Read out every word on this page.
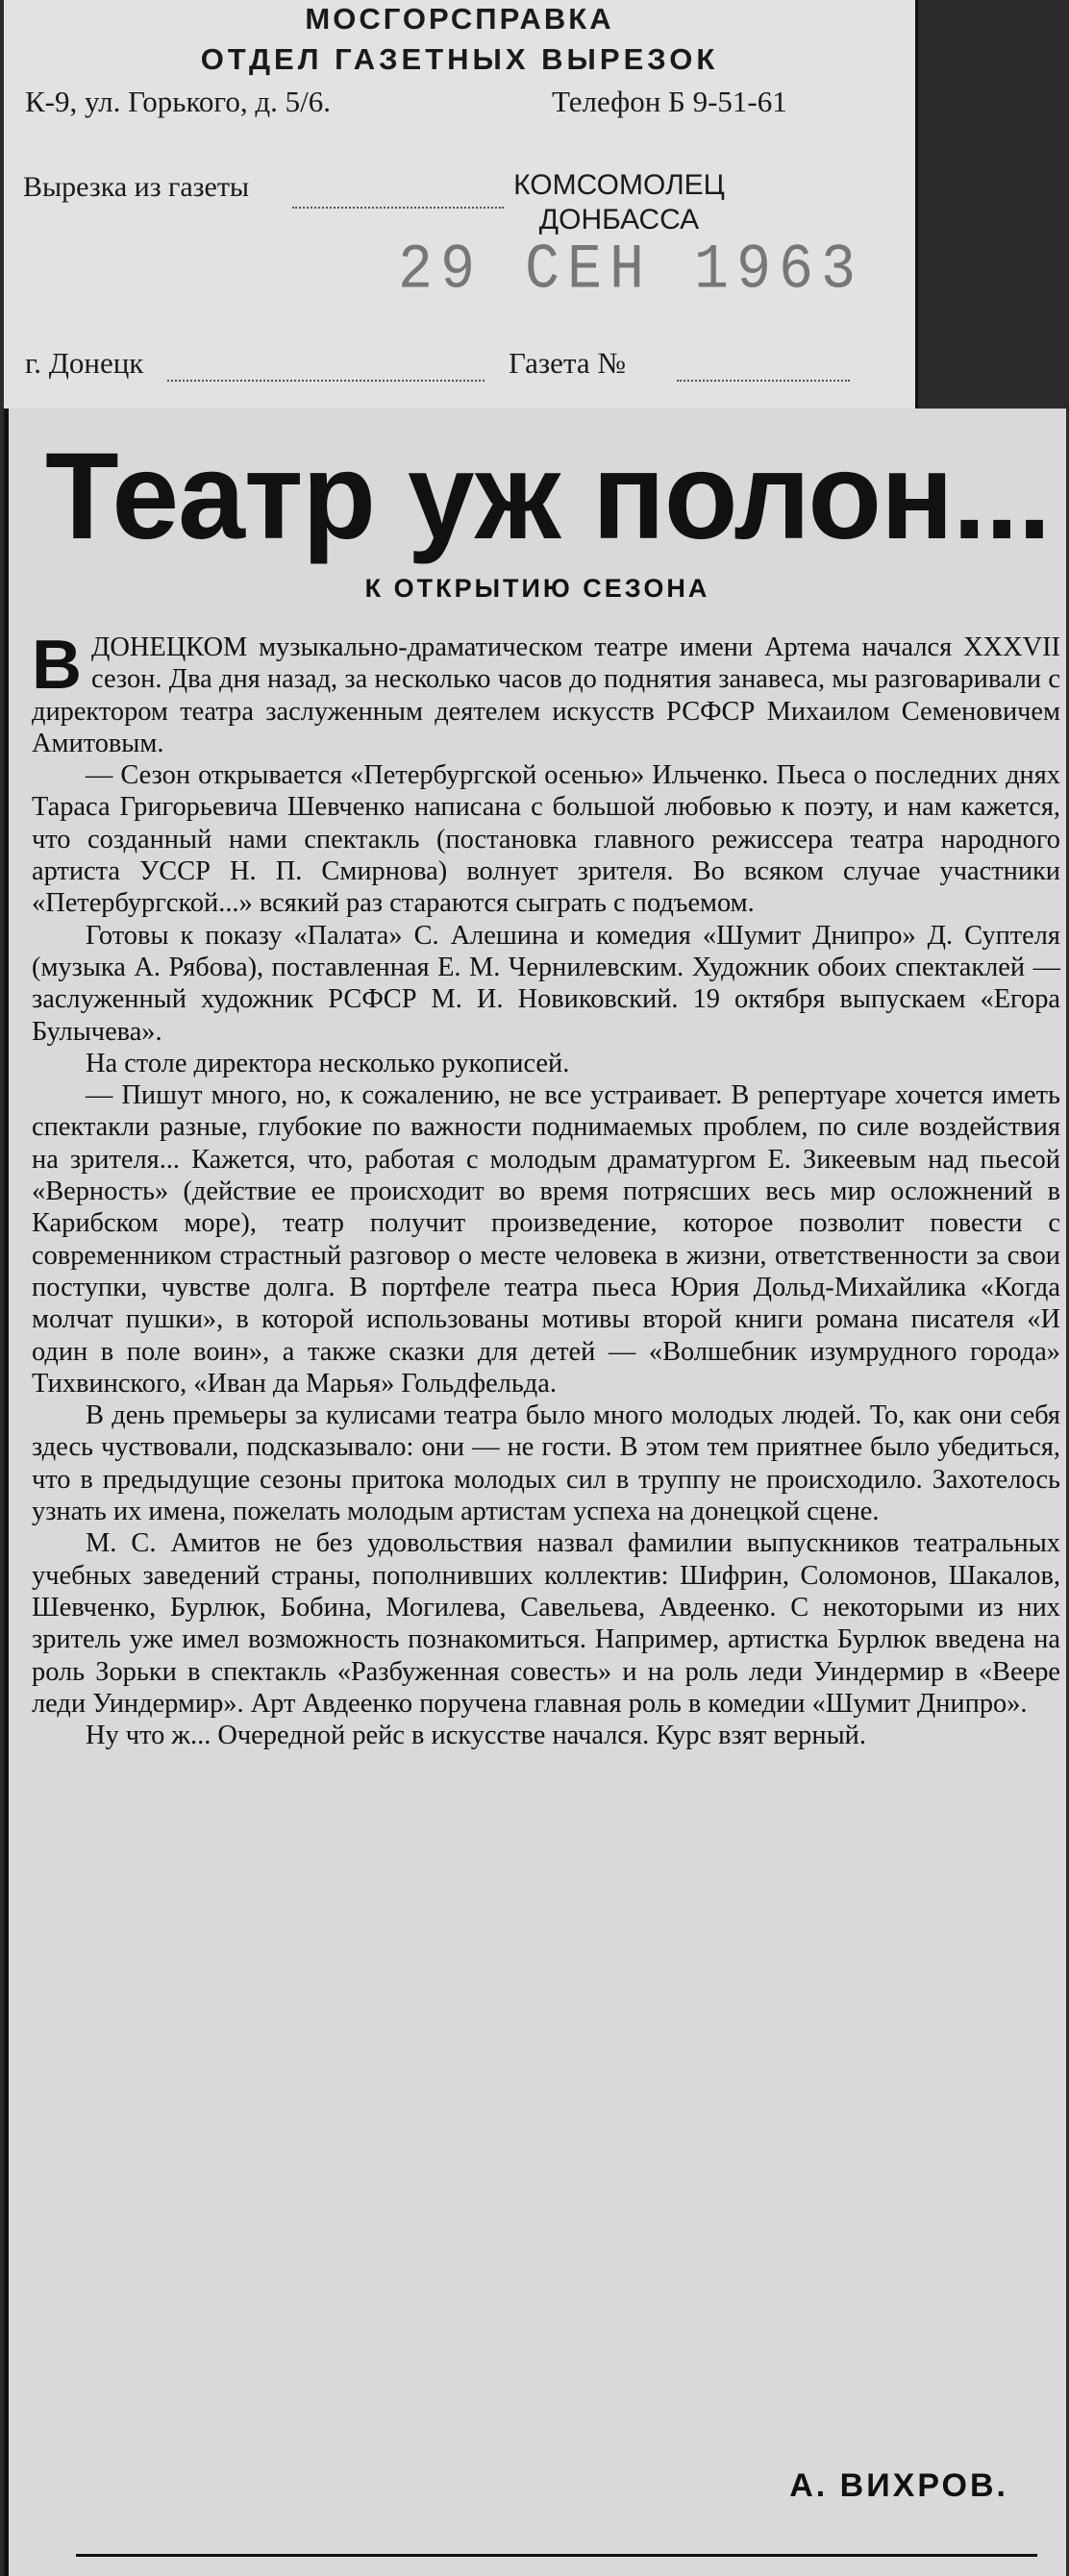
МОСГОРСПРАВКА
ОТДЕЛ ГАЗЕТНЫХ ВЫРЕЗОК
К-9, ул. Горького, д. 5/6.	Телефон Б 9-51-61
Вырезка из газеты	КОМСОМОЛЕЦ ДОНБАССА
29 СЕН 1963
г. Донецк	Газета №
Театр уж полон...
К ОТКРЫТИЮ СЕЗОНА

ВДОНЕЦКОМ музыкально-драматическом театре имени Артема начался XXXVII сезон. Два дня назад, за несколько часов до поднятия занавеса, мы разговаривали с директором театра заслуженным деятелем искусств РСФСР Михаилом Семеновичем Амитовым.

— Сезон открывается «Петербургской осенью» Ильченко. Пьеса о последних днях Тараса Григорьевича Шевченко написана с большой любовью к поэту, и нам кажется, что созданный нами спектакль (постановка главного режиссера театра народного артиста УССР Н. П. Смирнова) волнует зрителя. Во всяком случае участники «Петербургской...» всякий раз стараются сыграть с подъемом.

Готовы к показу «Палата» С. Алешина и комедия «Шумит Днипро» Д. Суптеля (музыка А. Рябова), поставленная Е. М. Чернилевским. Художник обоих спектаклей — заслуженный художник РСФСР М. И. Новиковский. 19 октября выпускаем «Егора Булычева».

На столе директора несколько рукописей.

— Пишут много, но, к сожалению, не все устраивает. В репертуаре хочется иметь спектакли разные, глубокие по важности поднимаемых проблем, по силе воздействия на зрителя... Кажется, что, работая с молодым драматургом Е. Зикеевым над пьесой «Верность» (действие ее происходит во время потрясших весь мир осложнений в Карибском море), театр получит произведение, которое позволит повести с современником страстный разговор о месте человека в жизни, ответственности за свои поступки, чувстве долга. В портфеле театра пьеса Юрия Дольд-Михайлика «Когда молчат пушки», в которой использованы мотивы второй книги романа писателя «И один в поле воин», а также сказки для детей — «Волшебник изумрудного города» Тихвинского, «Иван да Марья» Гольдфельда.

В день премьеры за кулисами театра было много молодых людей. То, как они себя здесь чуствовали, подсказывало: они — не гости. В этом тем приятнее было убедиться, что в предыдущие сезоны притока молодых сил в труппу не происходило. Захотелось узнать их имена, пожелать молодым артистам успеха на донецкой сцене.

М. С. Амитов не без удовольствия назвал фамилии выпускников театральных учебных заведений страны, пополнивших коллектив: Шифрин, Соломонов, Шакалов, Шевченко, Бурлюк, Бобина, Могилева, Савельева, Авдеенко. С некоторыми из них зритель уже имел возможность познакомиться. Например, артистка Бурлюк введена на роль Зорьки в спектакль «Разбуженная совесть» и на роль леди Уиндермир в «Веере леди Уиндермир». Арт Авдеенко поручена главная роль в комедии «Шумит Днипро».

Ну что ж... Очередной рейс в искусстве начался. Курс взят верный.

А. ВИХРОВ.
